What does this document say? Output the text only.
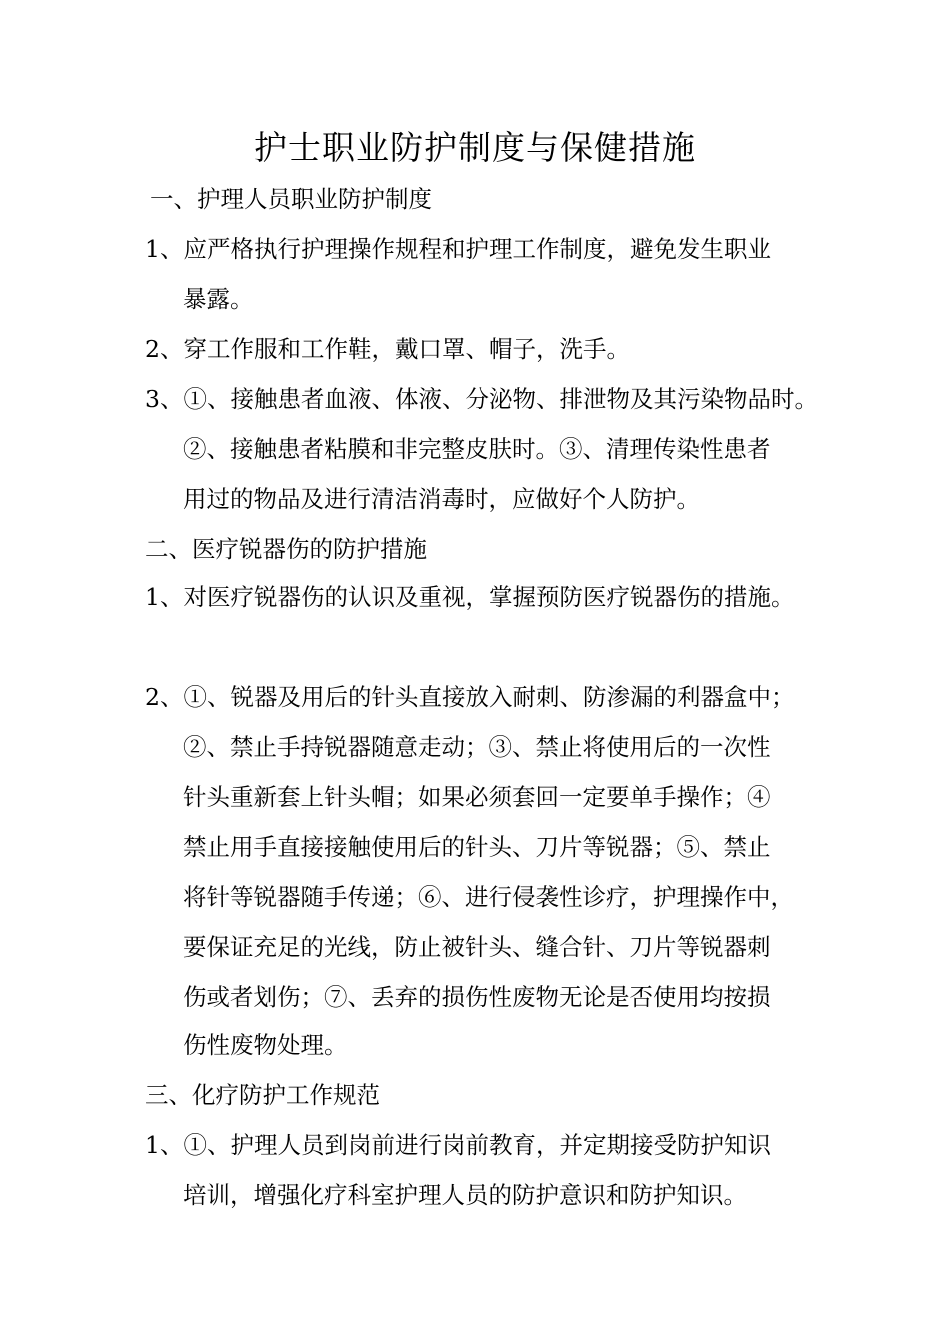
护士职业防护制度与保健措施
一、护理人员职业防护制度
1、应严格执行护理操作规程和护理工作制度，避免发生职业
暴露。
2、穿工作服和工作鞋，戴口罩、帽子，洗手。
3、①、接触患者血液、体液、分泌物、排泄物及其污染物品时。
②、接触患者粘膜和非完整皮肤时。③、清理传染性患者
用过的物品及进行清洁消毒时，应做好个人防护。
二、医疗锐器伤的防护措施
1、对医疗锐器伤的认识及重视，掌握预防医疗锐器伤的措施。
2、①、锐器及用后的针头直接放入耐刺、防渗漏的利器盒中；
②、禁止手持锐器随意走动；③、禁止将使用后的一次性
针头重新套上针头帽；如果必须套回一定要单手操作；④
禁止用手直接接触使用后的针头、刀片等锐器；⑤、禁止
将针等锐器随手传递；⑥、进行侵袭性诊疗，护理操作中，
要保证充足的光线，防止被针头、缝合针、刀片等锐器刺
伤或者划伤；⑦、丢弃的损伤性废物无论是否使用均按损
伤性废物处理。
三、化疗防护工作规范
1、①、护理人员到岗前进行岗前教育，并定期接受防护知识
培训，增强化疗科室护理人员的防护意识和防护知识。
